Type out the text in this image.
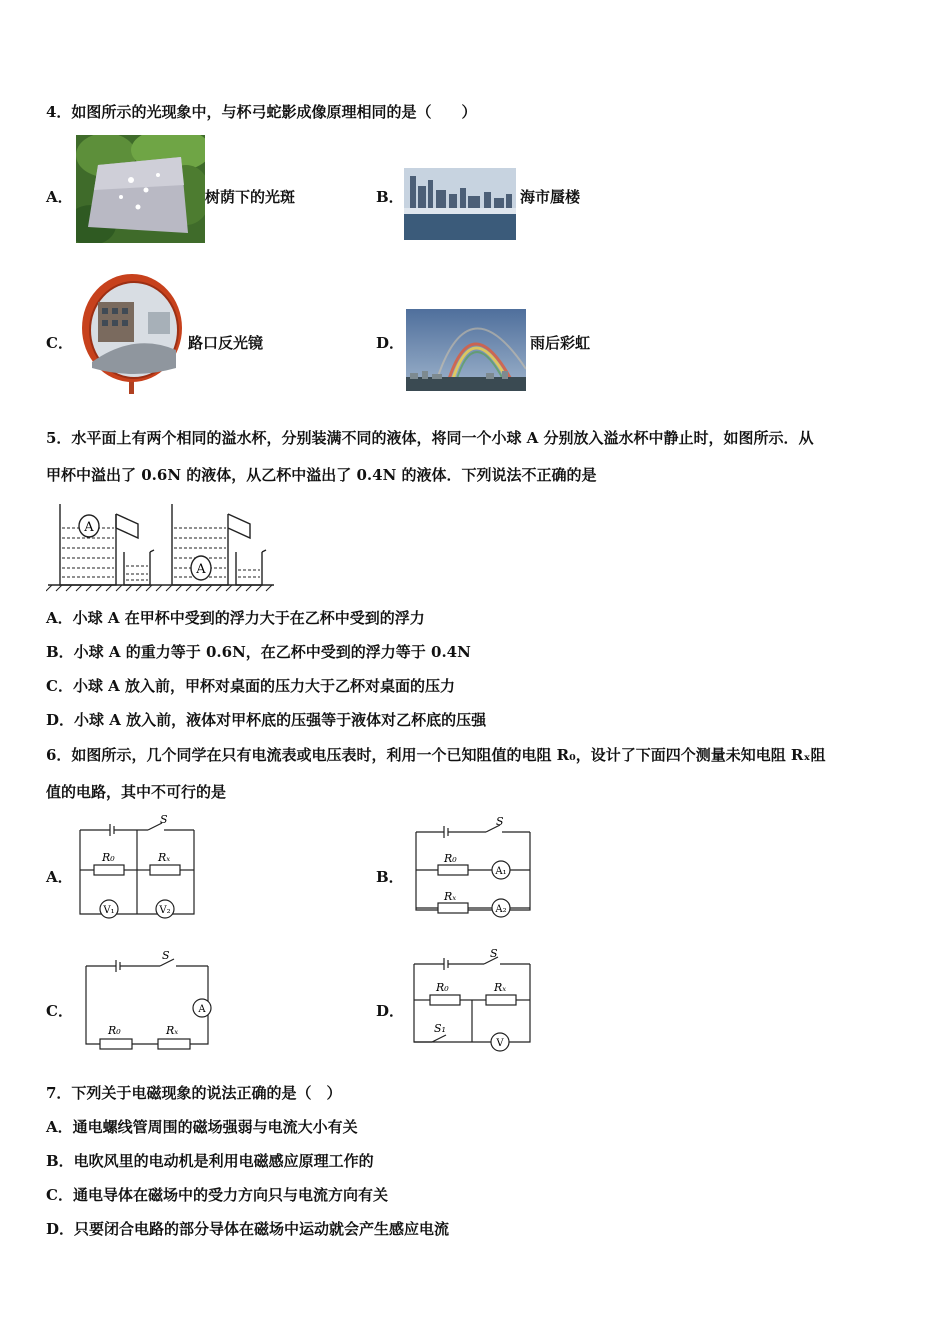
4．如图所示的光现象中，与杯弓蛇影成像原理相同的是（　　）
A．	树荫下的光斑	B．	海市蜃楼
C．	路口反光镜	D．	雨后彩虹
5．水平面上有两个相同的溢水杯，分别装满不同的液体，将同一个小球 A 分别放入溢水杯中静止时，如图所示．从
甲杯中溢出了 0.6N 的液体，从乙杯中溢出了 0.4N 的液体．下列说法不正确的是
A
A
A．小球 A 在甲杯中受到的浮力大于在乙杯中受到的浮力
B．小球 A 的重力等于 0.6N，在乙杯中受到的浮力等于 0.4N
C．小球 A 放入前，甲杯对桌面的压力大于乙杯对桌面的压力
D．小球 A 放入前，液体对甲杯底的压强等于液体对乙杯底的压强
6．如图所示，几个同学在只有电流表或电压表时，利用一个已知阻值的电阻 R₀，设计了下面四个测量未知电阻 Rₓ阻
值的电路，其中不可行的是
A．
S
R₀	Rₓ
V₁	V₂
B．
S
R₀
Rₓ
A₁
A₂
C．
S
A
R₀	Rₓ
D．
S
R₀	Rₓ
S₁
V
7．下列关于电磁现象的说法正确的是（　）
A．通电螺线管周围的磁场强弱与电流大小有关
B．电吹风里的电动机是利用电磁感应原理工作的
C．通电导体在磁场中的受力方向只与电流方向有关
D．只要闭合电路的部分导体在磁场中运动就会产生感应电流
